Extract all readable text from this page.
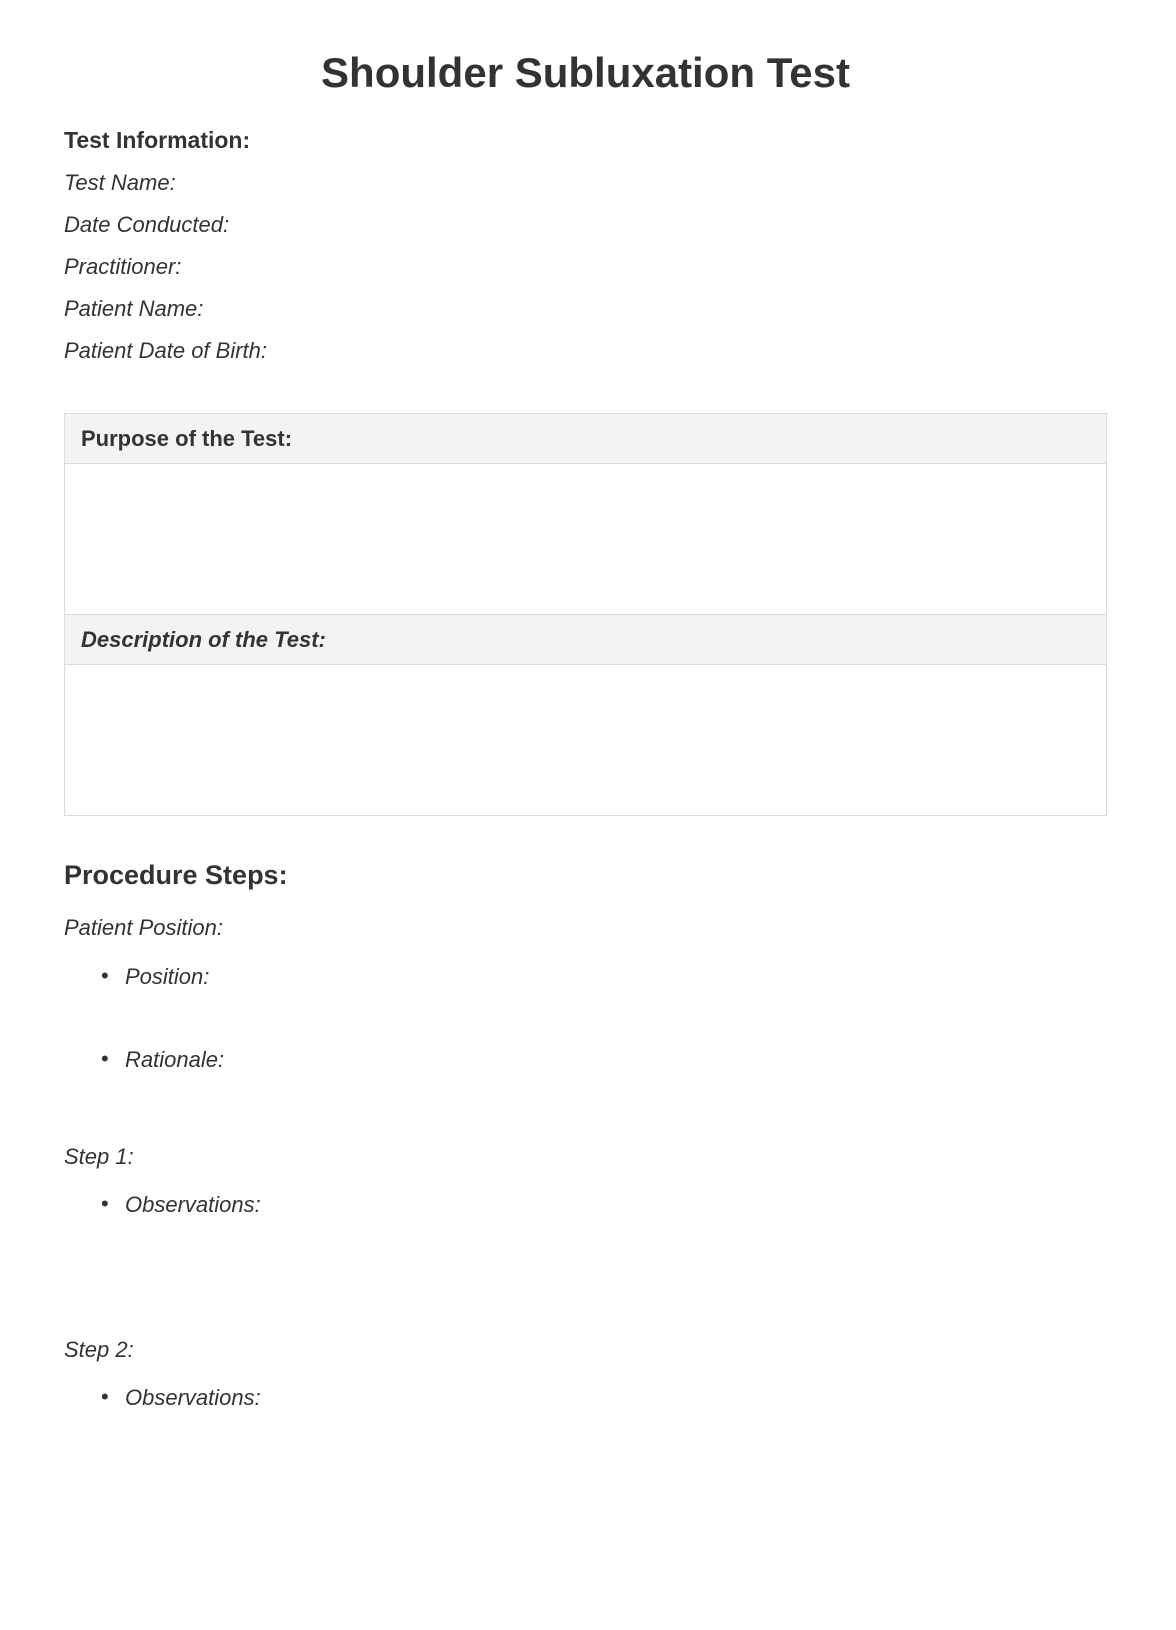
Shoulder Subluxation Test
Test Information:

Test Name:

Date Conducted:

Practitioner:

Patient Name:

Patient Date of Birth:

Purpose of the Test:
Description of the Test:
Procedure Steps:

Patient Position:

• Position:
• Rationale:

Step 1:

• Observations:

Step 2:

• Observations:
